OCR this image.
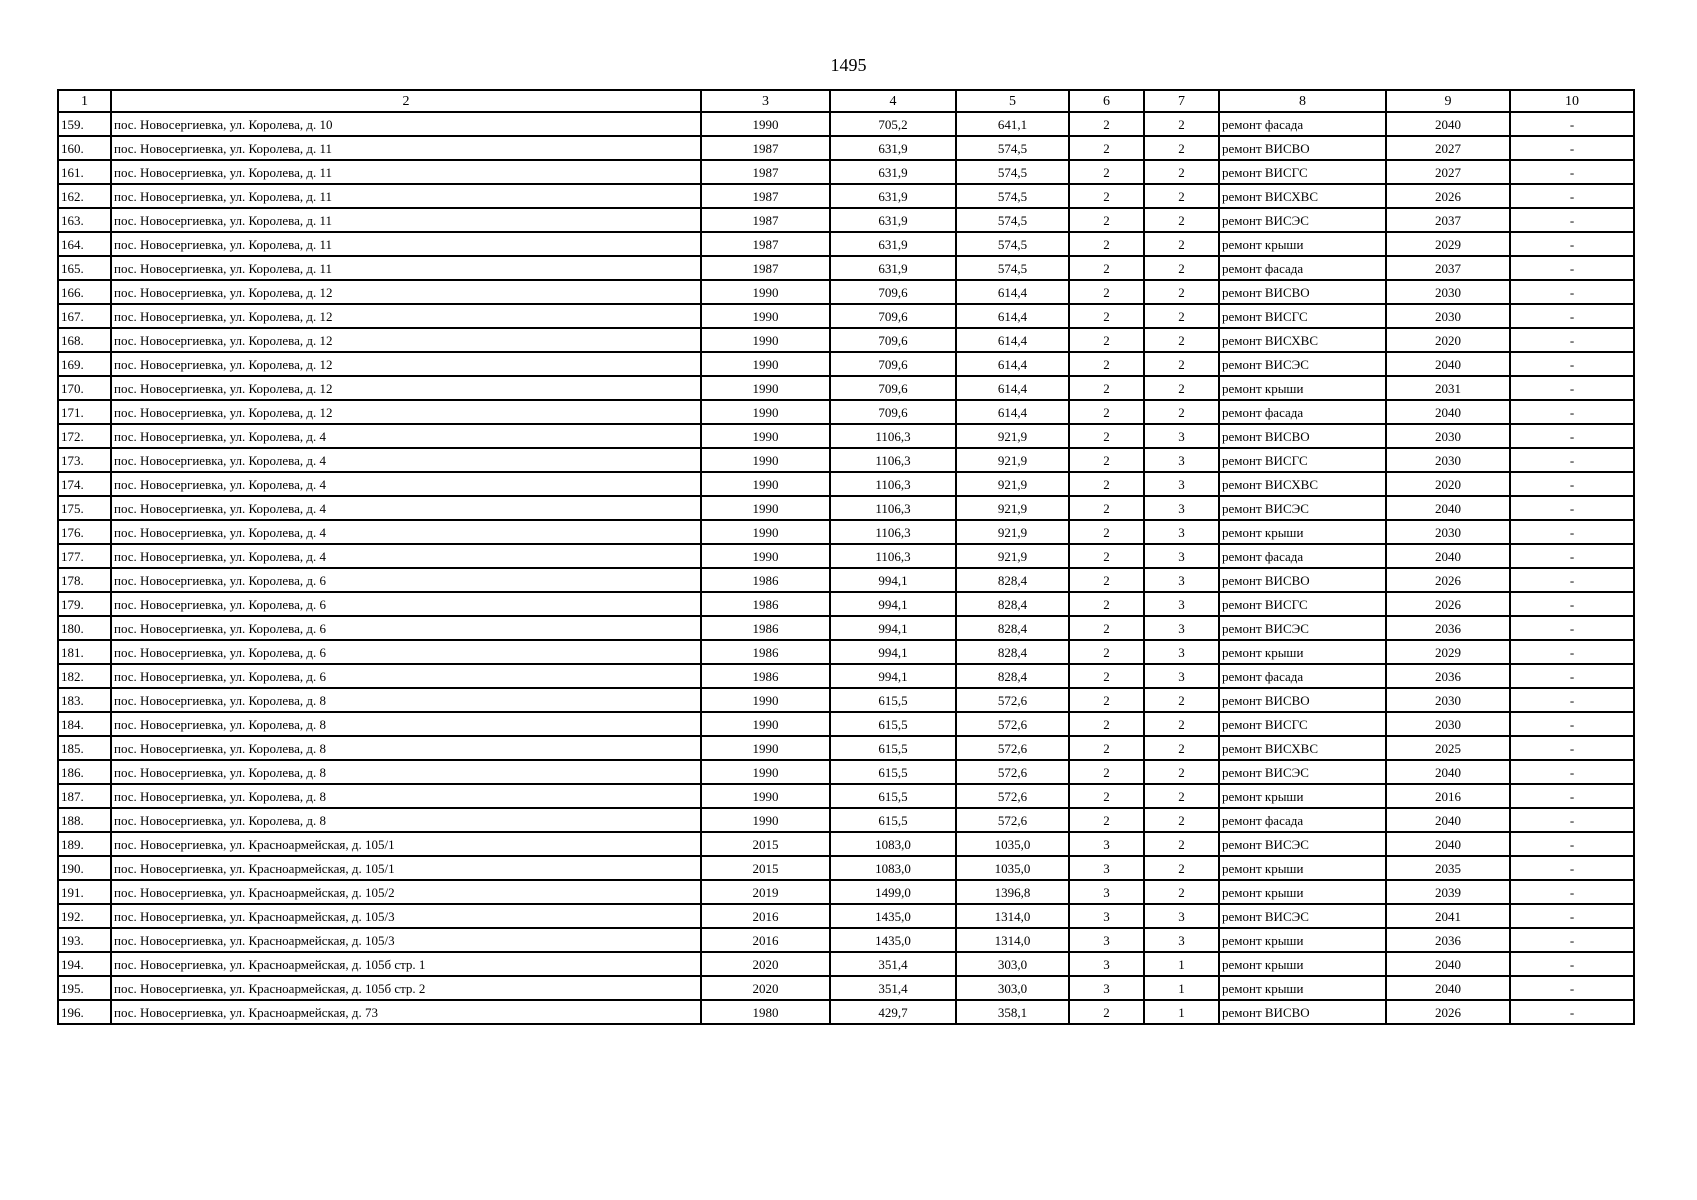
1495
1	2	3	4	5	6	7	8	9	10
159.	пос. Новосергиевка, ул. Королева, д. 10	1990	705,2	641,1	2	2	ремонт фасада	2040	-
160.	пос. Новосергиевка, ул. Королева, д. 11	1987	631,9	574,5	2	2	ремонт ВИСВО	2027	-
161.	пос. Новосергиевка, ул. Королева, д. 11	1987	631,9	574,5	2	2	ремонт ВИСГС	2027	-
162.	пос. Новосергиевка, ул. Королева, д. 11	1987	631,9	574,5	2	2	ремонт ВИСХВС	2026	-
163.	пос. Новосергиевка, ул. Королева, д. 11	1987	631,9	574,5	2	2	ремонт ВИСЭС	2037	-
164.	пос. Новосергиевка, ул. Королева, д. 11	1987	631,9	574,5	2	2	ремонт крыши	2029	-
165.	пос. Новосергиевка, ул. Королева, д. 11	1987	631,9	574,5	2	2	ремонт фасада	2037	-
166.	пос. Новосергиевка, ул. Королева, д. 12	1990	709,6	614,4	2	2	ремонт ВИСВО	2030	-
167.	пос. Новосергиевка, ул. Королева, д. 12	1990	709,6	614,4	2	2	ремонт ВИСГС	2030	-
168.	пос. Новосергиевка, ул. Королева, д. 12	1990	709,6	614,4	2	2	ремонт ВИСХВС	2020	-
169.	пос. Новосергиевка, ул. Королева, д. 12	1990	709,6	614,4	2	2	ремонт ВИСЭС	2040	-
170.	пос. Новосергиевка, ул. Королева, д. 12	1990	709,6	614,4	2	2	ремонт крыши	2031	-
171.	пос. Новосергиевка, ул. Королева, д. 12	1990	709,6	614,4	2	2	ремонт фасада	2040	-
172.	пос. Новосергиевка, ул. Королева, д. 4	1990	1106,3	921,9	2	3	ремонт ВИСВО	2030	-
173.	пос. Новосергиевка, ул. Королева, д. 4	1990	1106,3	921,9	2	3	ремонт ВИСГС	2030	-
174.	пос. Новосергиевка, ул. Королева, д. 4	1990	1106,3	921,9	2	3	ремонт ВИСХВС	2020	-
175.	пос. Новосергиевка, ул. Королева, д. 4	1990	1106,3	921,9	2	3	ремонт ВИСЭС	2040	-
176.	пос. Новосергиевка, ул. Королева, д. 4	1990	1106,3	921,9	2	3	ремонт крыши	2030	-
177.	пос. Новосергиевка, ул. Королева, д. 4	1990	1106,3	921,9	2	3	ремонт фасада	2040	-
178.	пос. Новосергиевка, ул. Королева, д. 6	1986	994,1	828,4	2	3	ремонт ВИСВО	2026	-
179.	пос. Новосергиевка, ул. Королева, д. 6	1986	994,1	828,4	2	3	ремонт ВИСГС	2026	-
180.	пос. Новосергиевка, ул. Королева, д. 6	1986	994,1	828,4	2	3	ремонт ВИСЭС	2036	-
181.	пос. Новосергиевка, ул. Королева, д. 6	1986	994,1	828,4	2	3	ремонт крыши	2029	-
182.	пос. Новосергиевка, ул. Королева, д. 6	1986	994,1	828,4	2	3	ремонт фасада	2036	-
183.	пос. Новосергиевка, ул. Королева, д. 8	1990	615,5	572,6	2	2	ремонт ВИСВО	2030	-
184.	пос. Новосергиевка, ул. Королева, д. 8	1990	615,5	572,6	2	2	ремонт ВИСГС	2030	-
185.	пос. Новосергиевка, ул. Королева, д. 8	1990	615,5	572,6	2	2	ремонт ВИСХВС	2025	-
186.	пос. Новосергиевка, ул. Королева, д. 8	1990	615,5	572,6	2	2	ремонт ВИСЭС	2040	-
187.	пос. Новосергиевка, ул. Королева, д. 8	1990	615,5	572,6	2	2	ремонт крыши	2016	-
188.	пос. Новосергиевка, ул. Королева, д. 8	1990	615,5	572,6	2	2	ремонт фасада	2040	-
189.	пос. Новосергиевка, ул. Красноармейская, д. 105/1	2015	1083,0	1035,0	3	2	ремонт ВИСЭС	2040	-
190.	пос. Новосергиевка, ул. Красноармейская, д. 105/1	2015	1083,0	1035,0	3	2	ремонт крыши	2035	-
191.	пос. Новосергиевка, ул. Красноармейская, д. 105/2	2019	1499,0	1396,8	3	2	ремонт крыши	2039	-
192.	пос. Новосергиевка, ул. Красноармейская, д. 105/3	2016	1435,0	1314,0	3	3	ремонт ВИСЭС	2041	-
193.	пос. Новосергиевка, ул. Красноармейская, д. 105/3	2016	1435,0	1314,0	3	3	ремонт крыши	2036	-
194.	пос. Новосергиевка, ул. Красноармейская, д. 105б стр. 1	2020	351,4	303,0	3	1	ремонт крыши	2040	-
195.	пос. Новосергиевка, ул. Красноармейская, д. 105б стр. 2	2020	351,4	303,0	3	1	ремонт крыши	2040	-
196.	пос. Новосергиевка, ул. Красноармейская, д. 73	1980	429,7	358,1	2	1	ремонт ВИСВО	2026	-
